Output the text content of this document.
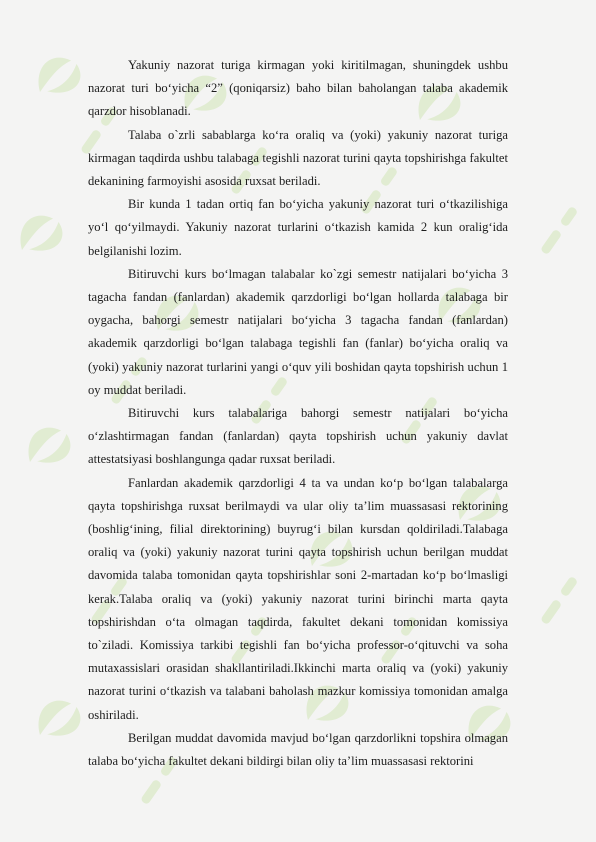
Yakuniy nazorat turiga kirmagan yoki kiritilmagan, shuningdek ushbu nazorat turi bo‘yicha “2” (qoniqarsiz) baho bilan baholangan talaba akademik qarzdor hisoblanadi.

Talaba o`zrli sabablarga ko‘ra oraliq va (yoki) yakuniy nazorat turiga kirmagan taqdirda ushbu talabaga tegishli nazorat turini qayta topshirishga fakultet dekanining farmoyishi asosida ruxsat beriladi.

Bir kunda 1 tadan ortiq fan bo‘yicha yakuniy nazorat turi o‘tkazilishiga yo‘l qo‘yilmaydi. Yakuniy nazorat turlarini o‘tkazish kamida 2 kun oralig‘ida belgilanishi lozim.

Bitiruvchi kurs bo‘lmagan talabalar ko`zgi semestr natijalari bo‘yicha 3 tagacha fandan (fanlardan) akademik qarzdorligi bo‘lgan hollarda talabaga bir oygacha, bahorgi semestr natijalari bo‘yicha 3 tagacha fandan (fanlardan) akademik qarzdorligi bo‘lgan talabaga tegishli fan (fanlar) bo‘yicha oraliq va (yoki) yakuniy nazorat turlarini yangi o‘quv yili boshidan qayta topshirish uchun 1 oy muddat beriladi.

Bitiruvchi kurs talabalariga bahorgi semestr natijalari bo‘yicha o‘zlashtirmagan fandan (fanlardan) qayta topshirish uchun yakuniy davlat attestatsiyasi boshlangunga qadar ruxsat beriladi.

Fanlardan akademik qarzdorligi 4 ta va undan ko‘p bo‘lgan talabalarga qayta topshirishga ruxsat berilmaydi va ular oliy ta’lim muassasasi rektorining (boshlig‘ining, filial direktorining) buyrug‘i bilan kursdan qoldiriladi.Talabaga oraliq va (yoki) yakuniy nazorat turini qayta topshirish uchun berilgan muddat davomida talaba tomonidan qayta topshirishlar soni 2-martadan ko‘p bo‘lmasligi kerak.Talaba oraliq va (yoki) yakuniy nazorat turini birinchi marta qayta topshirishdan o‘ta olmagan taqdirda, fakultet dekani tomonidan komissiya to`ziladi. Komissiya tarkibi tegishli fan bo‘yicha professor-o‘qituvchi va soha mutaxassislari orasidan shakllantiriladi.Ikkinchi marta oraliq va (yoki) yakuniy nazorat turini o‘tkazish va talabani baholash mazkur komissiya tomonidan amalga oshiriladi.

Berilgan muddat davomida mavjud bo‘lgan qarzdorlikni topshira olmagan talaba bo‘yicha fakultet dekani bildirgi bilan oliy ta’lim muassasasi rektorini
